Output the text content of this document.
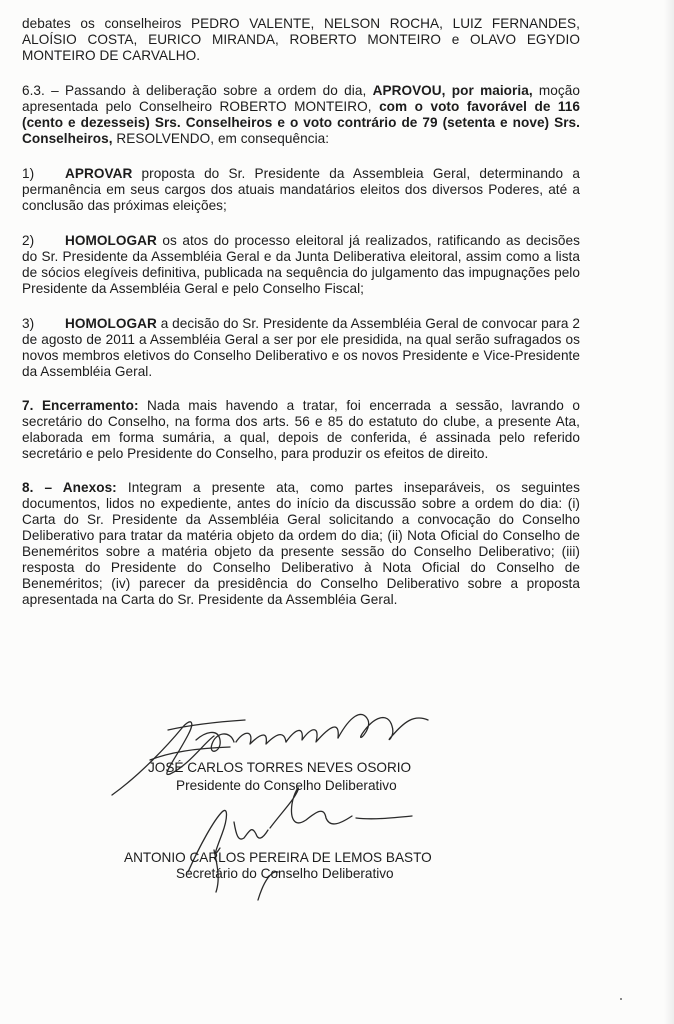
debates os conselheiros PEDRO VALENTE, NELSON ROCHA, LUIZ FERNANDES, ALOÍSIO COSTA, EURICO MIRANDA, ROBERTO MONTEIRO e OLAVO EGYDIO MONTEIRO DE CARVALHO.

6.3. – Passando à deliberação sobre a ordem do dia, APROVOU, por maioria, moção apresentada pelo Conselheiro ROBERTO MONTEIRO, com o voto favorável de 116 (cento e dezesseis) Srs. Conselheiros e o voto contrário de 79 (setenta e nove) Srs. Conselheiros, RESOLVENDO, em consequência:

1) APROVAR proposta do Sr. Presidente da Assembleia Geral, determinando a permanência em seus cargos dos atuais mandatários eleitos dos diversos Poderes, até a conclusão das próximas eleições;

2) HOMOLOGAR os atos do processo eleitoral já realizados, ratificando as decisões do Sr. Presidente da Assembléia Geral e da Junta Deliberativa eleitoral, assim como a lista de sócios elegíveis definitiva, publicada na sequência do julgamento das impugnações pelo Presidente da Assembléia Geral e pelo Conselho Fiscal;

3) HOMOLOGAR a decisão do Sr. Presidente da Assembléia Geral de convocar para 2 de agosto de 2011 a Assembléia Geral a ser por ele presidida, na qual serão sufragados os novos membros eletivos do Conselho Deliberativo e os novos Presidente e Vice-Presidente da Assembléia Geral.

7. Encerramento: Nada mais havendo a tratar, foi encerrada a sessão, lavrando o secretário do Conselho, na forma dos arts. 56 e 85 do estatuto do clube, a presente Ata, elaborada em forma sumária, a qual, depois de conferida, é assinada pelo referido secretário e pelo Presidente do Conselho, para produzir os efeitos de direito.

8. – Anexos: Integram a presente ata, como partes inseparáveis, os seguintes documentos, lidos no expediente, antes do início da discussão sobre a ordem do dia: (i) Carta do Sr. Presidente da Assembléia Geral solicitando a convocação do Conselho Deliberativo para tratar da matéria objeto da ordem do dia; (ii) Nota Oficial do Conselho de Beneméritos sobre a matéria objeto da presente sessão do Conselho Deliberativo; (iii) resposta do Presidente do Conselho Deliberativo à Nota Oficial do Conselho de Beneméritos; (iv) parecer da presidência do Conselho Deliberativo sobre a proposta apresentada na Carta do Sr. Presidente da Assembléia Geral.

JOSÉ CARLOS TORRES NEVES OSORIO
Presidente do Conselho Deliberativo
ANTONIO CARLOS PEREIRA DE LEMOS BASTO
Secretário do Conselho Deliberativo
